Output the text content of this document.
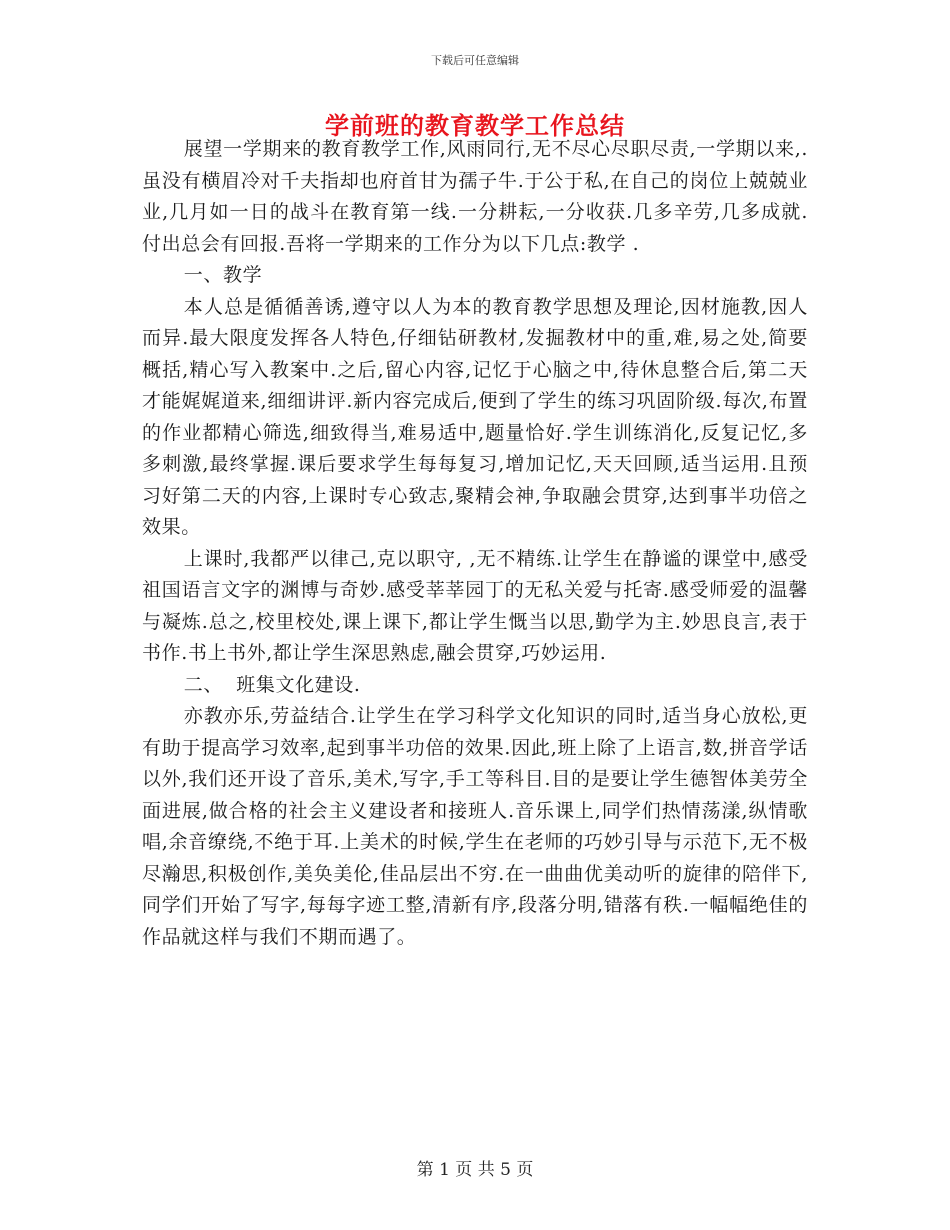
下载后可任意编辑
学前班的教育教学工作总结

展望一学期来的教育教学工作,风雨同行,无不尽心尽职尽责,一学期以来,.虽没有横眉冷对千夫指却也府首甘为孺子牛.于公于私,在自己的岗位上兢兢业业,几月如一日的战斗在教育第一线.一分耕耘,一分收获.几多辛劳,几多成就.付出总会有回报.吾将一学期来的工作分为以下几点:教学 .

一、教学

本人总是循循善诱,遵守以人为本的教育教学思想及理论,因材施教,因人而异.最大限度发挥各人特色,仔细钻研教材,发掘教材中的重,难,易之处,简要概括,精心写入教案中.之后,留心内容,记忆于心脑之中,待休息整合后,第二天才能娓娓道来,细细讲评.新内容完成后,便到了学生的练习巩固阶级.每次,布置的作业都精心筛选,细致得当,难易适中,题量恰好.学生训练消化,反复记忆,多多刺激,最终掌握.课后要求学生每每复习,增加记忆,天天回顾,适当运用.且预习好第二天的内容,上课时专心致志,聚精会神,争取融会贯穿,达到事半功倍之效果。

上课时,我都严以律己,克以职守, ,无不精练.让学生在静谧的课堂中,感受祖国语言文字的渊博与奇妙.感受莘莘园丁的无私关爱与托寄.感受师爱的温馨与凝炼.总之,校里校处,课上课下,都让学生慨当以思,勤学为主.妙思良言,表于书作.书上书外,都让学生深思熟虑,融会贯穿,巧妙运用.

二、  班集文化建设.

亦教亦乐,劳益结合.让学生在学习科学文化知识的同时,适当身心放松,更有助于提高学习效率,起到事半功倍的效果.因此,班上除了上语言,数,拼音学话以外,我们还开设了音乐,美术,写字,手工等科目.目的是要让学生德智体美劳全面进展,做合格的社会主义建设者和接班人.音乐课上,同学们热情荡漾,纵情歌唱,余音缭绕,不绝于耳.上美术的时候,学生在老师的巧妙引导与示范下,无不极尽瀚思,积极创作,美奂美伦,佳品层出不穷.在一曲曲优美动听的旋律的陪伴下,同学们开始了写字,每每字迹工整,清新有序,段落分明,错落有秩.一幅幅绝佳的作品就这样与我们不期而遇了。

第 1 页 共 5 页
